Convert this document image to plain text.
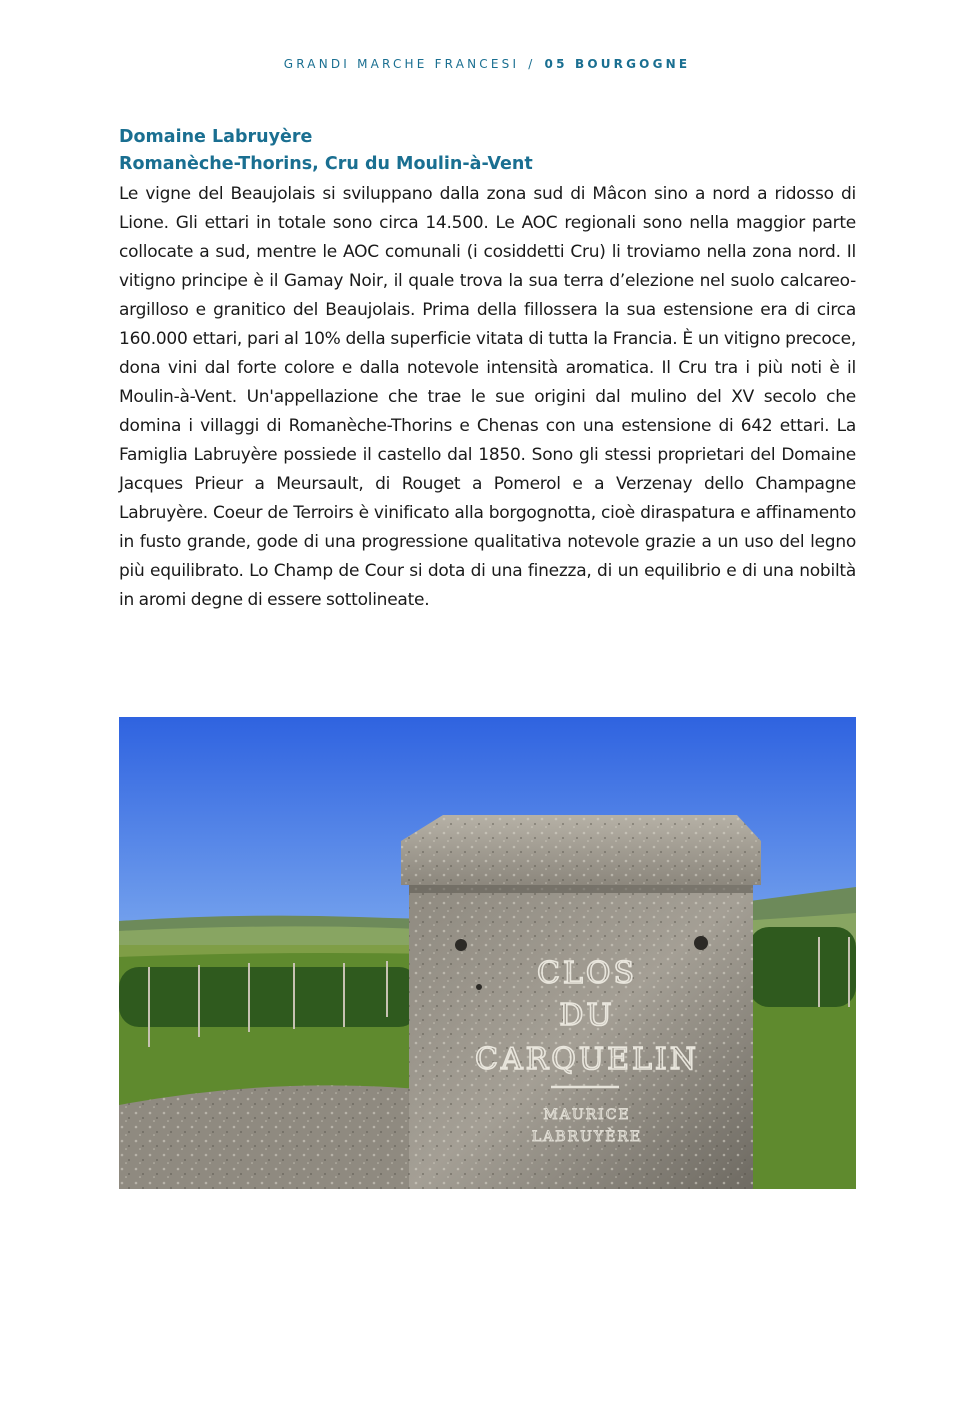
GRANDI MARCHE FRANCESI / 05 BOURGOGNE
Domaine Labruyère
Romanèche-Thorins, Cru du Moulin-à-Vent

Le vigne del Beaujolais si sviluppano dalla zona sud di Mâcon sino a nord a ridosso di Lione. Gli ettari in totale sono circa 14.500. Le AOC regionali sono nella maggior parte collocate a sud, mentre le AOC comunali (i cosiddetti Cru) li troviamo nella zona nord. Il vitigno principe è il Gamay Noir, il quale trova la sua terra d’elezione nel suolo calcareo-argilloso e granitico del Beaujolais. Prima della fillossera la sua estensione era di circa 160.000 ettari, pari al 10% della superficie vitata di tutta la Francia. È un vitigno precoce, dona vini dal forte colore e dalla notevole intensità aromatica. Il Cru tra i più noti è il Moulin-à-Vent. Un'appellazione che trae le sue origini dal mulino del XV secolo che domina i villaggi di Romanèche-Thorins e Chenas con una estensione di 642 ettari. La Famiglia Labruyère possiede il castello dal 1850. Sono gli stessi proprietari del Domaine Jacques Prieur a Meursault, di Rouget a Pomerol e a Verzenay dello Champagne Labruyère. Coeur de Terroirs è vinificato alla borgognotta, cioè diraspatura e affinamento in fusto grande, gode di una progressione qualitativa notevole grazie a un uso del legno più equilibrato. Lo Champ de Cour si dota di una finezza, di un equilibrio e di una nobiltà in aromi degne di essere sottolineate.

CLOS
DU
CARQUELIN
MAURICE
LABRUYÈRE
